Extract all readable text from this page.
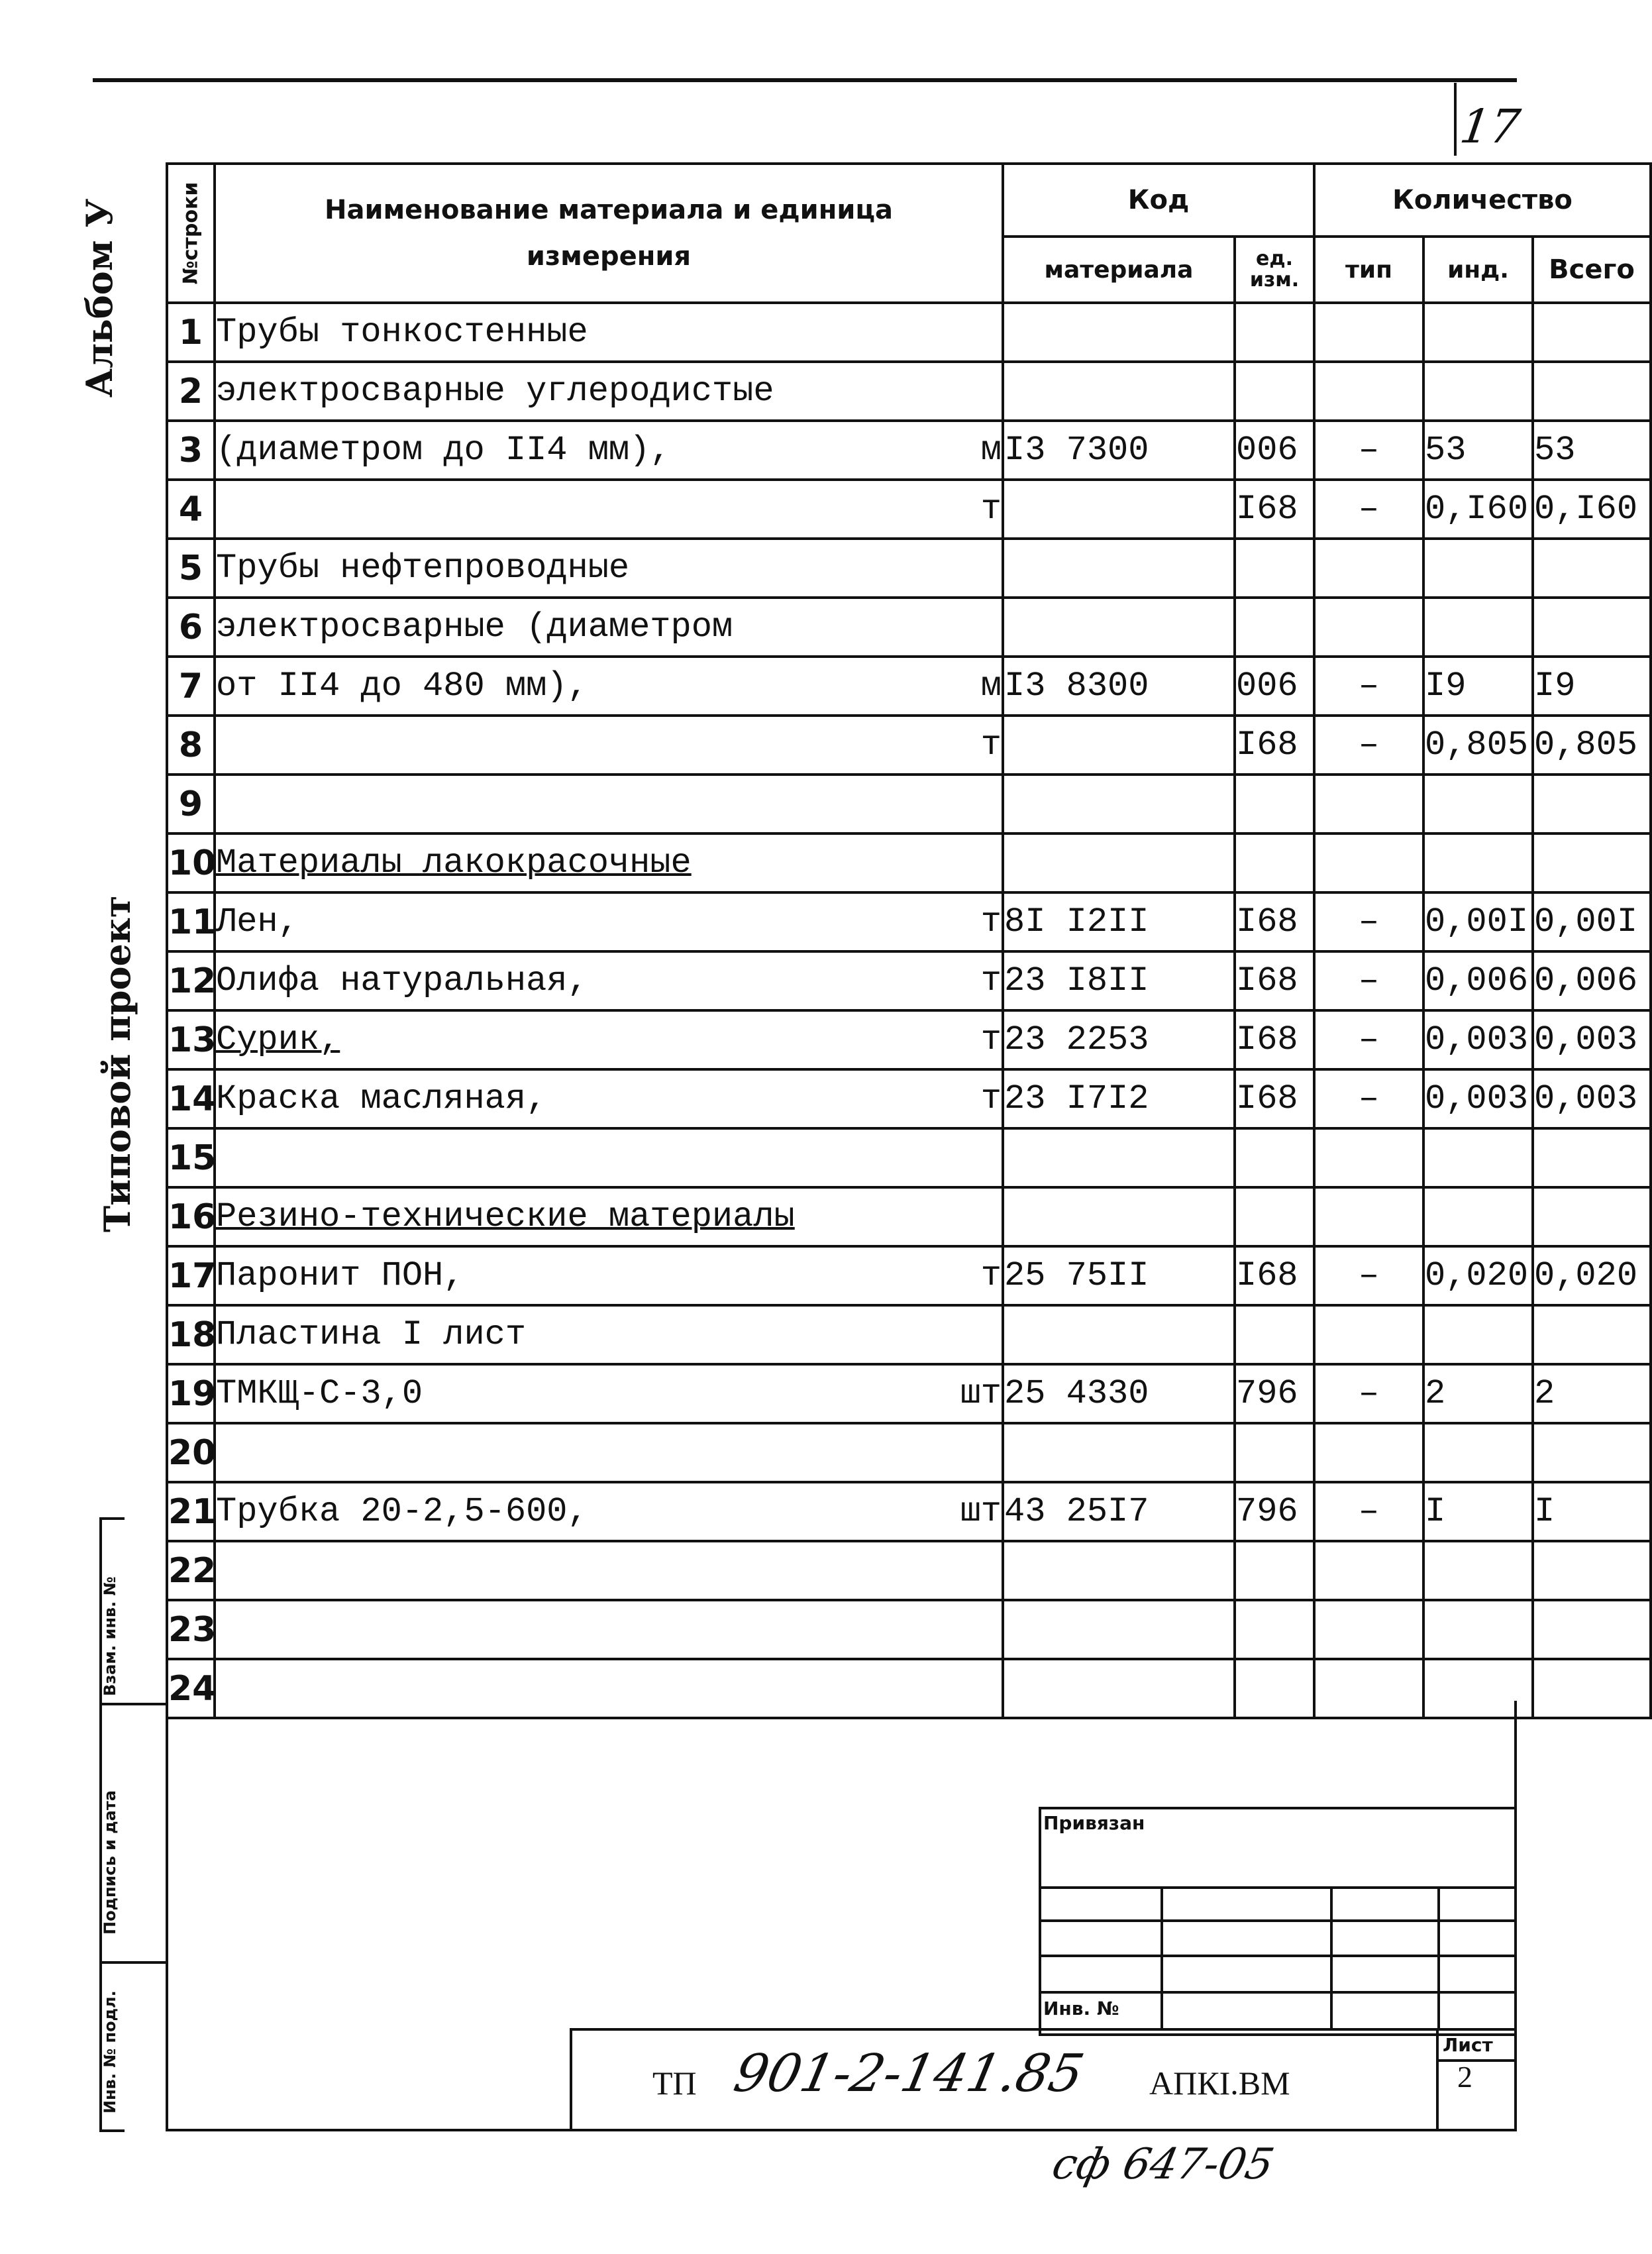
17
Альбом У
Типовой проект
Взам. инв. №
Подпись и дата
Инв. № подл.
№строки	Наименование материала и единица измерения		Код		Количество		
			материала	ед. изм.	тип	инд.	Всего
1	Трубы тонкостенные						
2	электросварные углеродистые						
3	(диаметром до II4 мм),	м	I3 7300	006	–	53	53
4		т		I68	–	0,I60	0,I60
5	Трубы нефтепроводные						
6	электросварные (диаметром						
7	от II4 до 480 мм),	м	I3 8300	006	–	I9	I9
8		т		I68	–	0,805	0,805
9							
10	Материалы лакокрасочные						
11	Лен,	т	8I I2II	I68	–	0,00I	0,00I
12	Олифа натуральная,	т	23 I8II	I68	–	0,006	0,006
13	Сурик,	т	23 2253	I68	–	0,003	0,003
14	Краска масляная,	т	23 I7I2	I68	–	0,003	0,003
15							
16	Резино-технические материалы						
17	Паронит ПОН,	т	25 75II	I68	–	0,020	0,020
18	Пластина I лист						
19	ТМКЩ-С-3,0	шт	25 4330	796	–	2	2
20							
21	Трубка 20-2,5-600,	шт	43 25I7	796	–	I	I
22							
23							
24							
Привязан
Инв. №
ТП 901-2-141.85 АПКI.ВМ
Лист
2
сф 647-05
